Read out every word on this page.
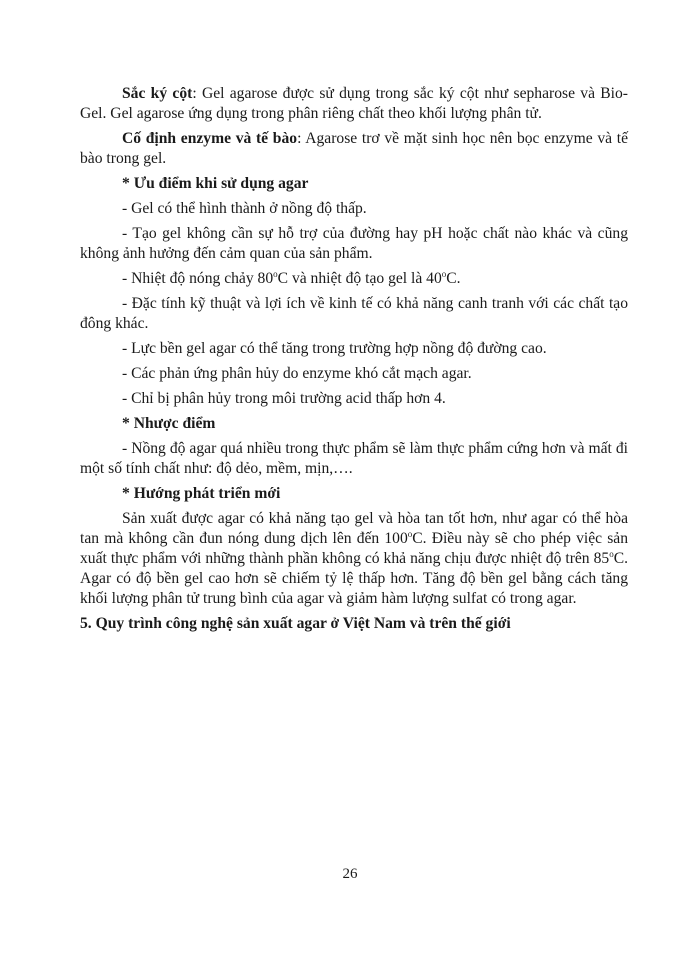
Sắc ký cột: Gel agarose được sử dụng trong sắc ký cột như sepharose và Bio-Gel. Gel agarose ứng dụng trong phân riêng chất theo khối lượng phân tử.

Cố định enzyme và tế bào: Agarose trơ về mặt sinh học nên bọc enzyme và tế bào trong gel.

* Ưu điểm khi sử dụng agar

- Gel có thể hình thành ở nồng độ thấp.

- Tạo gel không cần sự hỗ trợ của đường hay pH hoặc chất nào khác và cũng không ảnh hưởng đến cảm quan của sản phẩm.

- Nhiệt độ nóng chảy 80$^o$C và nhiệt độ tạo gel là 40$^o$C.

- Đặc tính kỹ thuật và lợi ích về kinh tế có khả năng canh tranh với các chất tạo đông khác.

- Lực bền gel agar có thể tăng trong trường hợp nồng độ đường cao.

- Các phản ứng phân hủy do enzyme khó cắt mạch agar.

- Chỉ bị phân hủy trong môi trường acid thấp hơn 4.

* Nhược điểm

- Nồng độ agar quá nhiều trong thực phẩm sẽ làm thực phẩm cứng hơn và mất đi một số tính chất như: độ dẻo, mềm, mịn,….

* Hướng phát triển mới

Sản xuất được agar có khả năng tạo gel và hòa tan tốt hơn, như agar có thể hòa tan mà không cần đun nóng dung dịch lên đến 100$^o$C. Điều này sẽ cho phép việc sản xuất thực phẩm với những thành phần không có khả năng chịu được nhiệt độ trên 85$^o$C. Agar có độ bền gel cao hơn sẽ chiếm tỷ lệ thấp hơn. Tăng độ bền gel bằng cách tăng khối lượng phân tử trung bình của agar và giảm hàm lượng sulfat có trong agar.

5. Quy trình công nghệ sản xuất agar ở Việt Nam và trên thế giới

26
